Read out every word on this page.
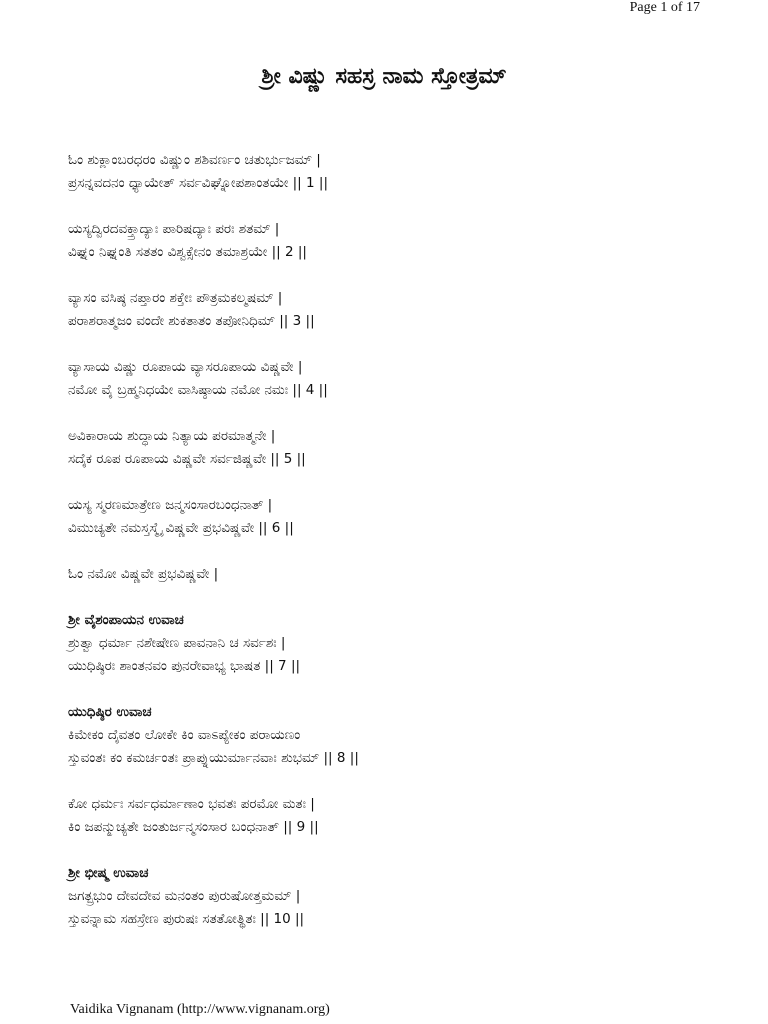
Page 1 of 17
ಶ್ರೀ ವಿಷ್ಣು ಸಹಸ್ರ ನಾಮ ಸ್ತೋತ್ರಮ್
ಓಂ ಶುಕ್ಲಾಂಬರಧರಂ ವಿಷ್ಣುಂ ಶಶಿವರ್ಣಂ ಚತುರ್ಭುಜಮ್ |
ಪ್ರಸನ್ನವದನಂ ಧ್ಯಾಯೇತ್ ಸರ್ವವಿಘ್ನೋಪಶಾಂತಯೇ || 1 ||
ಯಸ್ಯದ್ವಿರದವಕ್ತ್ರಾದ್ಯಾಃ ಪಾರಿಷದ್ಯಾಃ ಪರಃ ಶತಮ್ |
ವಿಘ್ನಂ ನಿಘ್ನಂತಿ ಸತತಂ ವಿಶ್ವಕ್ಸೇನಂ ತಮಾಶ್ರಯೇ || 2 ||
ವ್ಯಾಸಂ ವಸಿಷ್ಠ ನಪ್ತಾರಂ ಶಕ್ತೇಃ ಪೌತ್ರಮಕಲ್ಮಷಮ್ |
ಪರಾಶರಾತ್ಮಜಂ ವಂದೇ ಶುಕತಾತಂ ತಪೋನಿಧಿಮ್ || 3 ||
ವ್ಯಾಸಾಯ ವಿಷ್ಣು ರೂಪಾಯ ವ್ಯಾಸರೂಪಾಯ ವಿಷ್ಣವೇ |
ನಮೋ ವೈ ಬ್ರಹ್ಮನಿಧಯೇ ವಾಸಿಷ್ಠಾಯ ನಮೋ ನಮಃ || 4 ||
ಅವಿಕಾರಾಯ ಶುದ್ಧಾಯ ನಿತ್ಯಾಯ ಪರಮಾತ್ಮನೇ |
ಸದೈಕ ರೂಪ ರೂಪಾಯ ವಿಷ್ಣವೇ ಸರ್ವಜಿಷ್ಣವೇ || 5 ||
ಯಸ್ಯ ಸ್ಮರಣಮಾತ್ರೇಣ ಜನ್ಮಸಂಸಾರಬಂಧನಾತ್ |
ವಿಮುಚ್ಯತೇ ನಮಸ್ತಸ್ಮೈ ವಿಷ್ಣವೇ ಪ್ರಭವಿಷ್ಣವೇ || 6 ||
ಓಂ ನಮೋ ವಿಷ್ಣವೇ ಪ್ರಭವಿಷ್ಣವೇ |
ಶ್ರೀ ವೈಶಂಪಾಯನ ಉವಾಚ
ಶ್ರುತ್ವಾ ಧರ್ಮಾ ನಶೇಷೇಣ ಪಾವನಾನಿ ಚ ಸರ್ವಶಃ |
ಯುಧಿಷ್ಠಿರಃ ಶಾಂತನವಂ ಪುನರೇವಾಭ್ಯ ಭಾಷತ || 7 ||
ಯುಧಿಷ್ಠಿರ ಉವಾಚ
ಕಿಮೇಕಂ ದೈವತಂ ಲೋಕೇ ಕಿಂ ವಾಽಪ್ಯೇಕಂ ಪರಾಯಣಂ
ಸ್ತುವಂತಃ ಕಂ ಕಮರ್ಚಂತಃ ಪ್ರಾಪ್ನುಯುರ್ಮಾನವಾಃ ಶುಭಮ್ || 8 ||
ಕೋ ಧರ್ಮಃ ಸರ್ವಧರ್ಮಾಣಾಂ ಭವತಃ ಪರಮೋ ಮತಃ |
ಕಿಂ ಜಪನ್ಮುಚ್ಯತೇ ಜಂತುರ್ಜನ್ಮಸಂಸಾರ ಬಂಧನಾತ್ || 9 ||
ಶ್ರೀ ಭೀಷ್ಮ ಉವಾಚ
ಜಗತ್ಪ್ರಭುಂ ದೇವದೇವ ಮನಂತಂ ಪುರುಷೋತ್ತಮಮ್ |
ಸ್ತುವನ್ನಾಮ ಸಹಸ್ರೇಣ ಪುರುಷಃ ಸತತೋತ್ಥಿತಃ || 10 ||
Vaidika Vignanam (http://www.vignanam.org)
